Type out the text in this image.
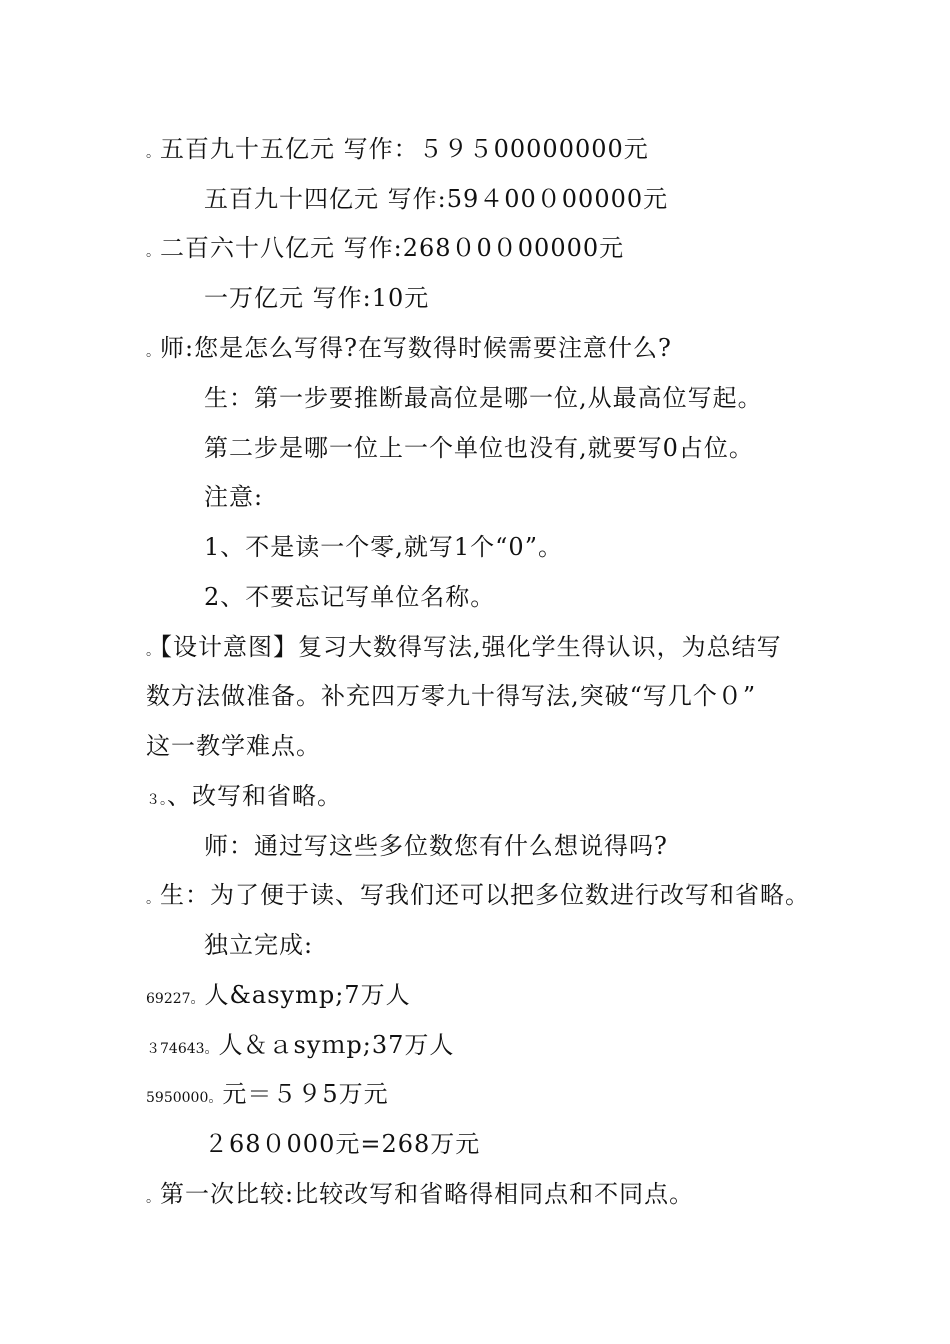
。五百九十五亿元 写作：５９５00000000元
五百九十四亿元 写作:59４00０00000元
。二百六十八亿元 写作:268０0０00000元
一万亿元 写作:10元
。师:您是怎么写得?在写数得时候需要注意什么?
生：第一步要推断最高位是哪一位,从最高位写起。
第二步是哪一位上一个单位也没有,就要写0占位。
注意:
1、不是读一个零,就写1个“0”。
2、不要忘记写单位名称。
。【设计意图】复习大数得写法,强化学生得认识，为总结写
数方法做准备。补充四万零九十得写法,突破“写几个０”
这一教学难点。
３。、改写和省略。
师：通过写这些多位数您有什么想说得吗?
。生：为了便于读、写我们还可以把多位数进行改写和省略。
独立完成:
69227。人&asymp;7万人
３74643。人＆ａsyｍp;37万人
5950000。元＝５９5万元
２68０000元=268万元
。第一次比较:比较改写和省略得相同点和不同点。
